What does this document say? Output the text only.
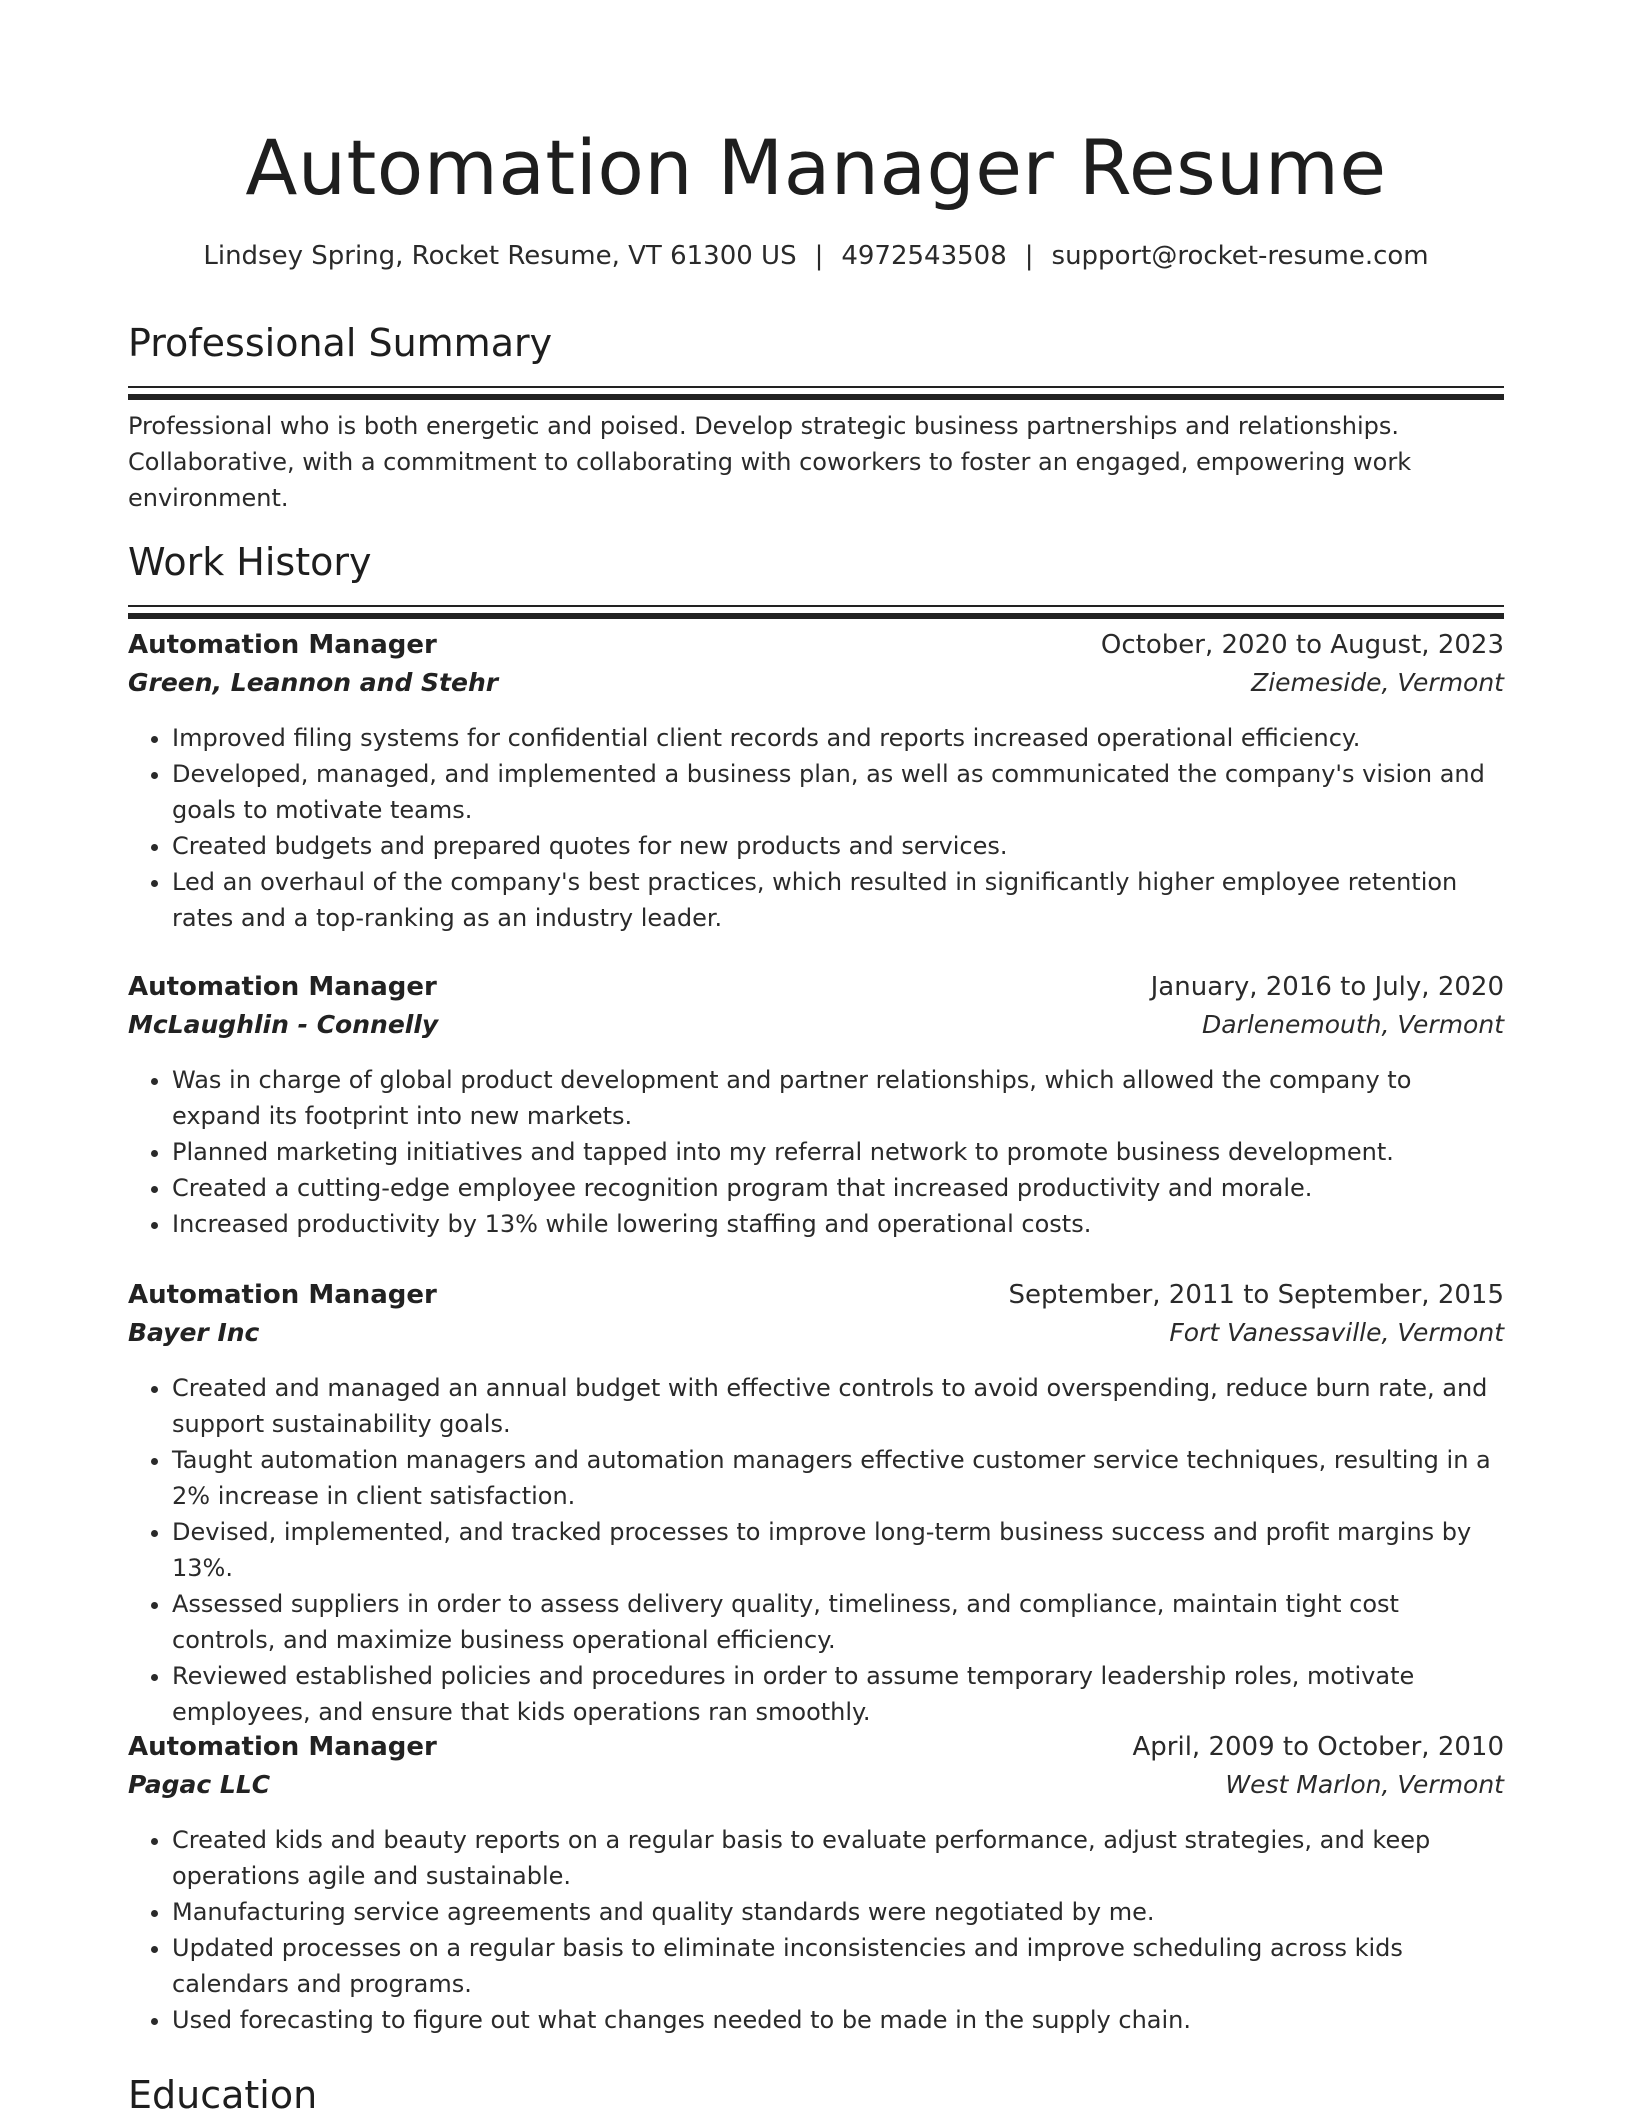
Automation Manager Resume
Lindsey Spring, Rocket Resume, VT 61300 US | 4972543508 | support@rocket-resume.com
Professional Summary

Professional who is both energetic and poised. Develop strategic business partnerships and relationships. Collaborative, with a commitment to collaborating with coworkers to foster an engaged, empowering work environment.

Work History
Automation Manager	October, 2020 to August, 2023
Green, Leannon and Stehr	Ziemeside, Vermont
• Improved filing systems for confidential client records and reports increased operational efficiency.
• Developed, managed, and implemented a business plan, as well as communicated the company's vision and goals to motivate teams.
• Created budgets and prepared quotes for new products and services.
• Led an overhaul of the company's best practices, which resulted in significantly higher employee retention rates and a top-ranking as an industry leader.
Automation Manager	January, 2016 to July, 2020
McLaughlin - Connelly	Darlenemouth, Vermont
• Was in charge of global product development and partner relationships, which allowed the company to expand its footprint into new markets.
• Planned marketing initiatives and tapped into my referral network to promote business development.
• Created a cutting-edge employee recognition program that increased productivity and morale.
• Increased productivity by 13% while lowering staffing and operational costs.
Automation Manager	September, 2011 to September, 2015
Bayer Inc	Fort Vanessaville, Vermont
• Created and managed an annual budget with effective controls to avoid overspending, reduce burn rate, and support sustainability goals.
• Taught automation managers and automation managers effective customer service techniques, resulting in a 2% increase in client satisfaction.
• Devised, implemented, and tracked processes to improve long-term business success and profit margins by 13%.
• Assessed suppliers in order to assess delivery quality, timeliness, and compliance, maintain tight cost controls, and maximize business operational efficiency.
• Reviewed established policies and procedures in order to assume temporary leadership roles, motivate employees, and ensure that kids operations ran smoothly.
Automation Manager	April, 2009 to October, 2010
Pagac LLC	West Marlon, Vermont
• Created kids and beauty reports on a regular basis to evaluate performance, adjust strategies, and keep operations agile and sustainable.
• Manufacturing service agreements and quality standards were negotiated by me.
• Updated processes on a regular basis to eliminate inconsistencies and improve scheduling across kids calendars and programs.
• Used forecasting to figure out what changes needed to be made in the supply chain.
Education
